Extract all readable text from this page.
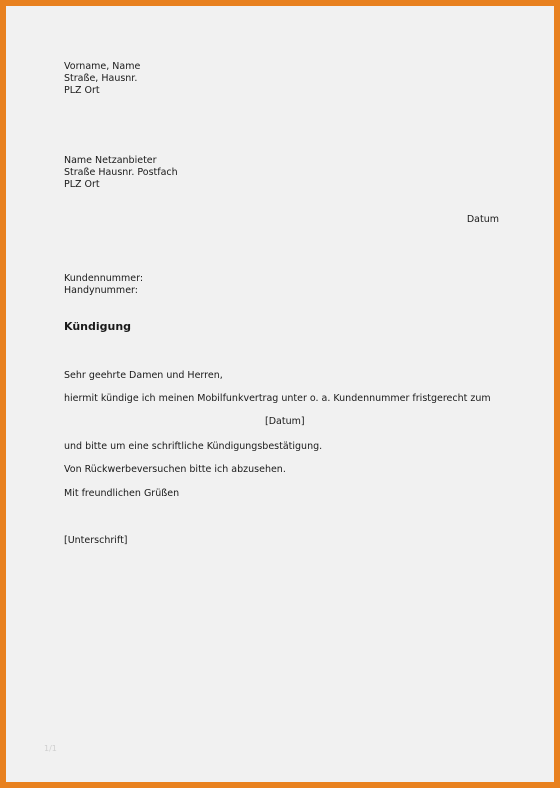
Vorname, Name
Straße, Hausnr.
PLZ Ort
Name Netzanbieter
Straße Hausnr. Postfach
PLZ Ort
Datum
Kundennummer:
Handynummer:
Kündigung
Sehr geehrte Damen und Herren,
hiermit kündige ich meinen Mobilfunkvertrag unter o. a. Kundennummer fristgerecht zum
[Datum]
und bitte um eine schriftliche Kündigungsbestätigung.
Von Rückwerbeversuchen bitte ich abzusehen.
Mit freundlichen Grüßen
[Unterschrift]
1/1
